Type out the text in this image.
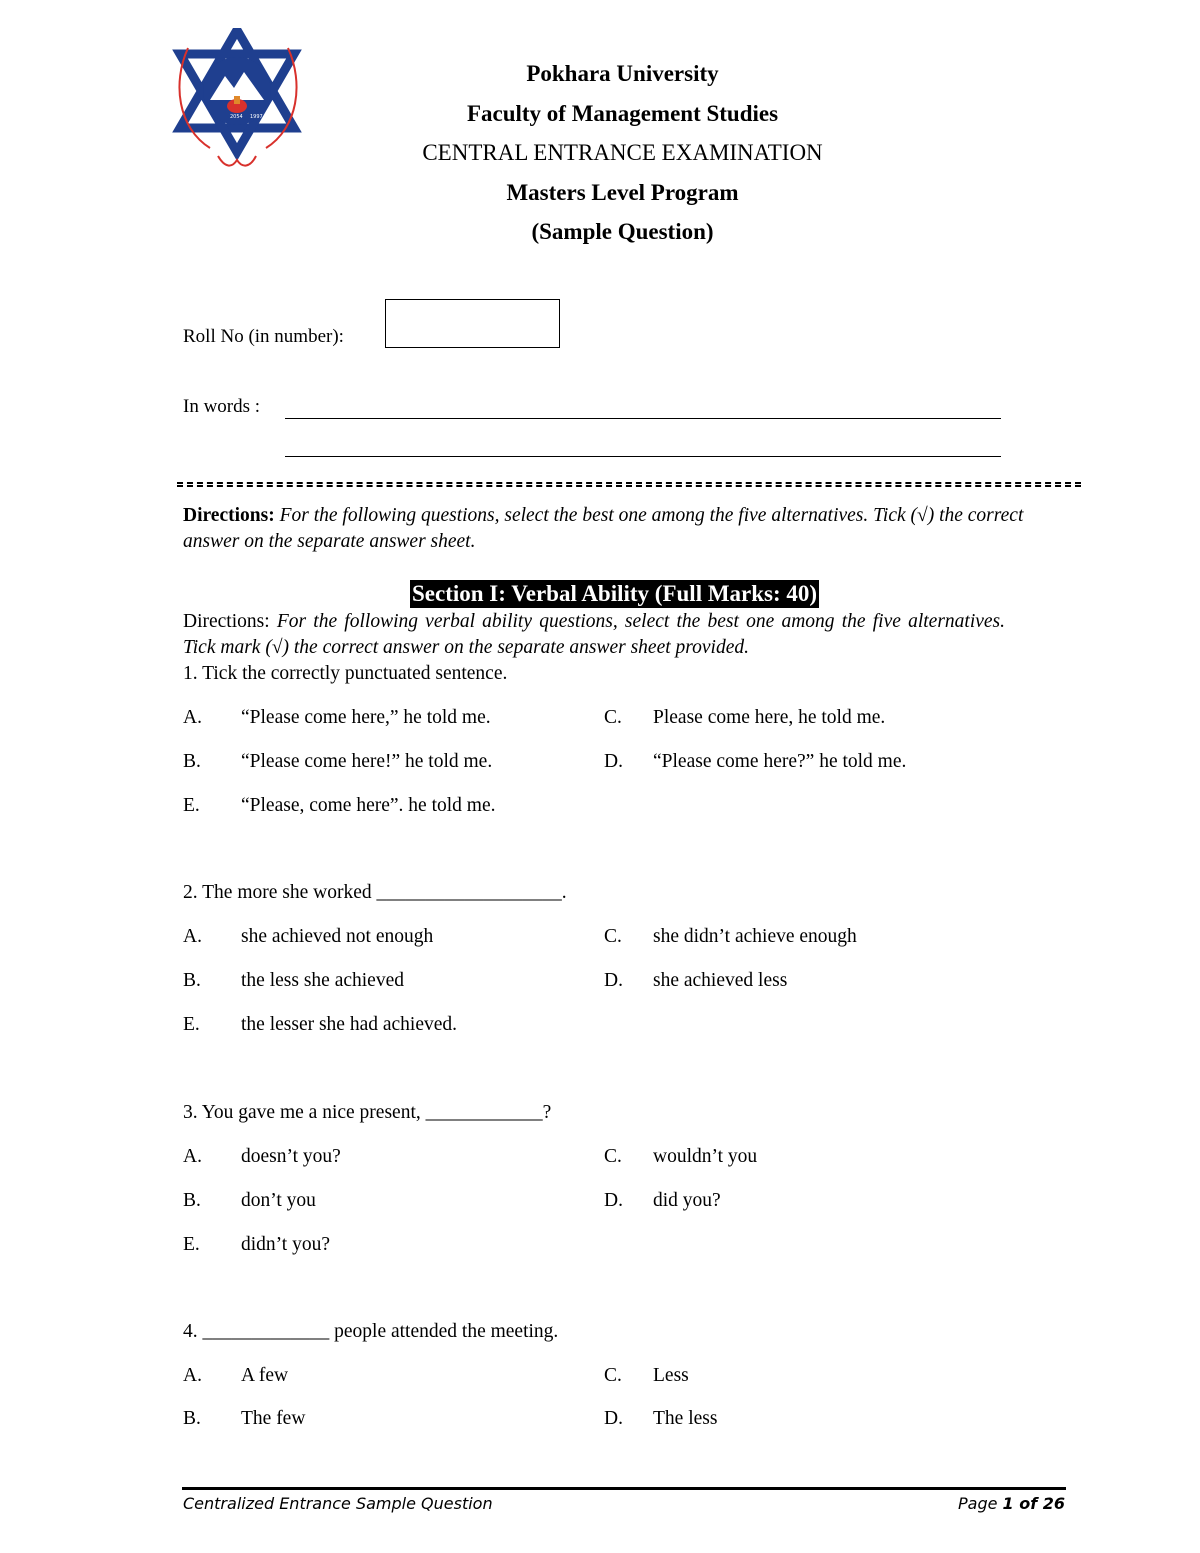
2054 1997
Pokhara University
Faculty of Management Studies
CENTRAL ENTRANCE EXAMINATION
Masters Level Program
(Sample Question)
Roll No (in number):
In words :
Directions: For the following questions, select the best one among the five alternatives. Tick (√) the correct answer on the separate answer sheet.
Section I: Verbal Ability (Full Marks: 40)
Directions: For the following verbal ability questions, select the best one among the five alternatives. Tick mark (√) the correct answer on the separate answer sheet provided.
1. Tick the correctly punctuated sentence.
A. “Please come here,” he told me.	C. Please come here, he told me.
B. “Please come here!” he told me.	D. “Please come here?” he told me.
E. “Please, come here”. he told me.
2. The more she worked ___________________.
A. she achieved not enough	C. she didn’t achieve enough
B. the less she achieved	D. she achieved less
E. the lesser she had achieved.
3. You gave me a nice present, ____________?
A. doesn’t you?	C. wouldn’t you
B. don’t you	D. did you?
E. didn’t you?
4. _____________ people attended the meeting.
A. A few	C. Less
B. The few	D. The less
Centralized Entrance Sample Question	Page 1 of 26
